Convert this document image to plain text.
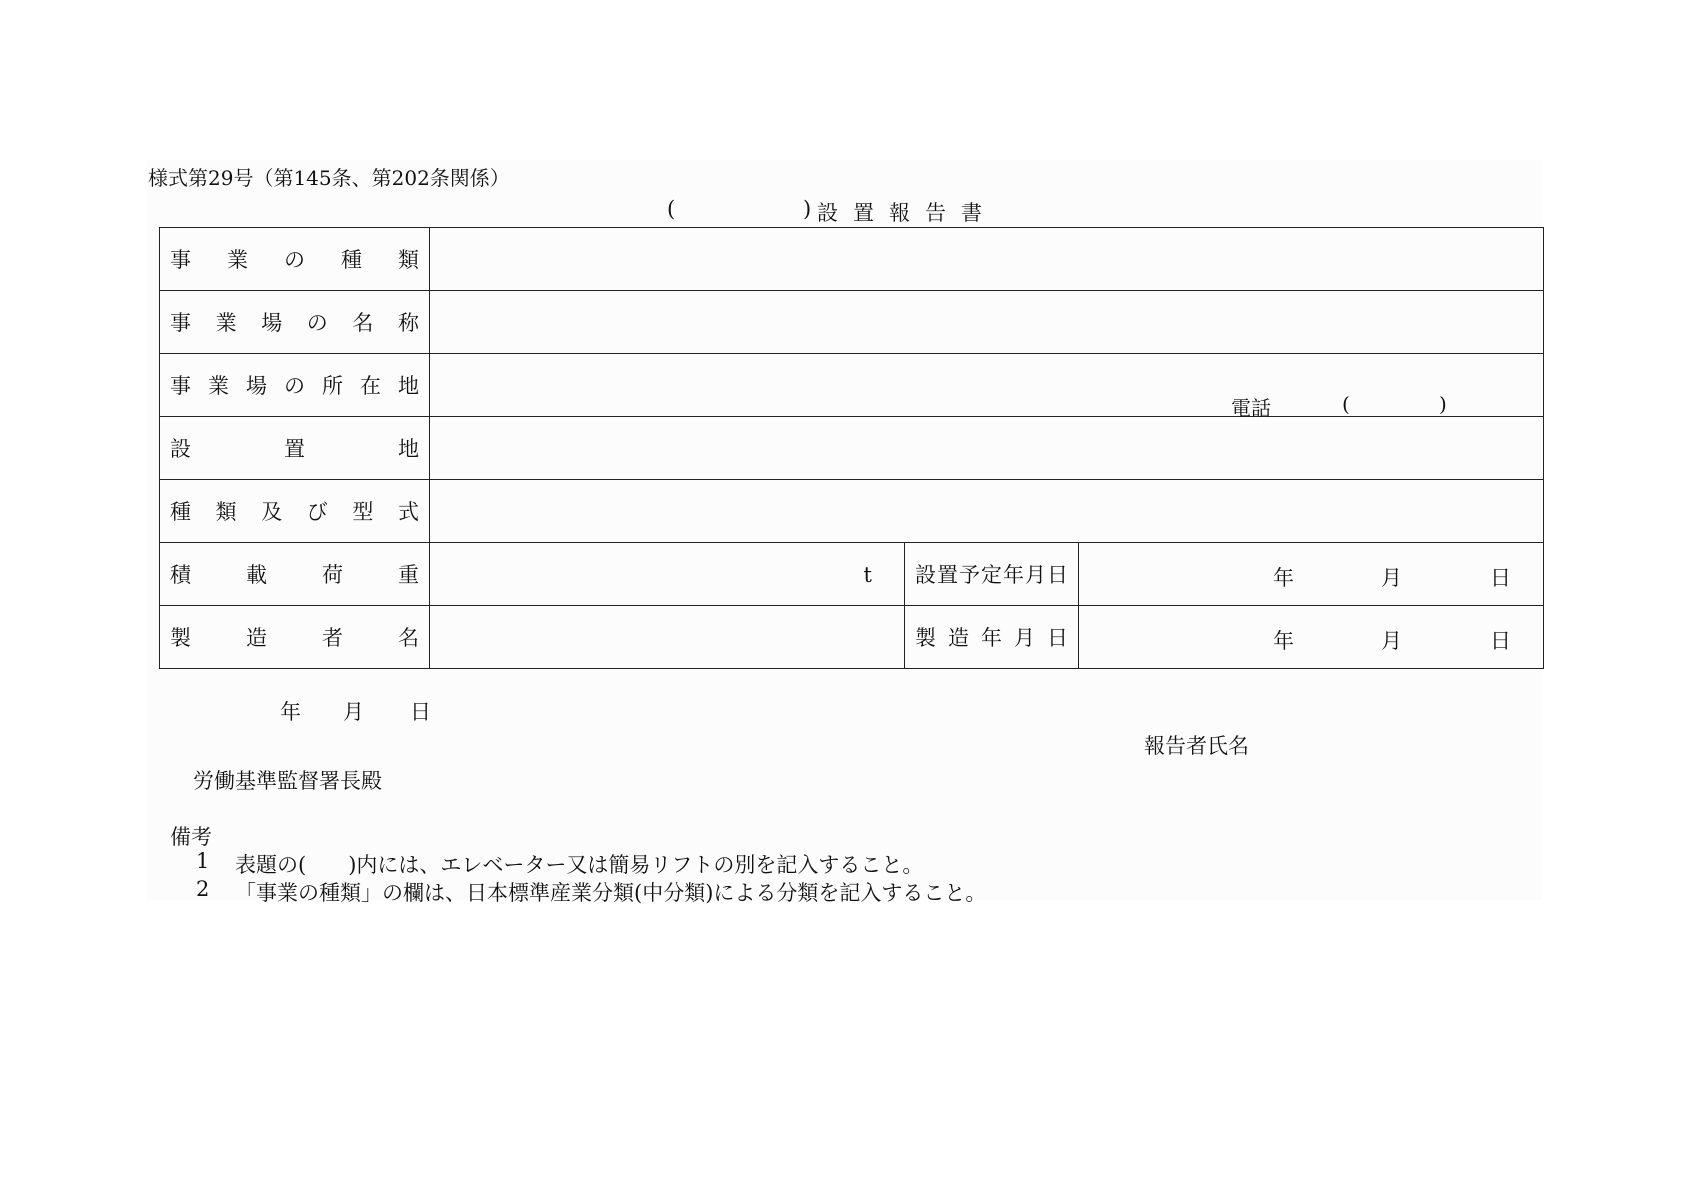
様式第29号（第145条、第202条関係）
(	) 設置報告書
事業の種類			

事業場の名称			

事業場の所在地	電話 ( )		

設置地			

種類及び型式			

積載荷重	t	設置予定年月日	年 月 日

製造者名		製造年月日	年 月 日
年 月 日
報告者氏名
労働基準監督署長殿
備考
1 表題の(　　)内には、エレベーター又は簡易リフトの別を記入すること。
2 「事業の種類」の欄は、日本標準産業分類(中分類)による分類を記入すること。
